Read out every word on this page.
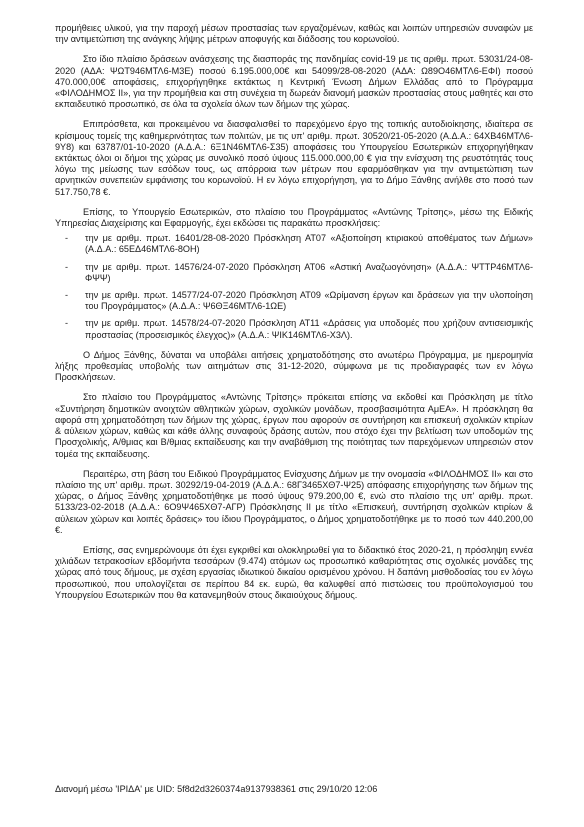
προμήθειες υλικού, για την παροχή μέσων προστασίας των εργαζομένων, καθώς και λοιπών υπηρεσιών συναφών με την αντιμετώπιση της ανάγκης λήψης μέτρων αποφυγής και διάδοσης του κορωνοϊού.

Στο ίδιο πλαίσιο δράσεων ανάσχεσης της διασποράς της πανδημίας covid-19 με τις αριθμ. πρωτ. 53031/24-08-2020 (ΑΔΑ: ΨΩΤ946ΜΤΛ6-Μ3Ε) ποσού 6.195.000,00€ και 54099/28-08-2020 (ΑΔΑ: Ω89Ο46ΜΤΛ6-ΕΦΙ) ποσού 470.000,00€ αποφάσεις, επιχορήγηθηκε εκτάκτως η Κεντρική Ένωση Δήμων Ελλάδας από το Πρόγραμμα «ΦΙΛΟΔΗΜΟΣ ΙΙ», για την προμήθεια και στη συνέχεια τη δωρεάν διανομή μασκών προστασίας στους μαθητές και στο εκπαιδευτικό προσωπικό, σε όλα τα σχολεία όλων των δήμων της χώρας.

Επιπρόσθετα, και προκειμένου να διασφαλισθεί το παρεχόμενο έργο της τοπικής αυτοδιοίκησης, ιδιαίτερα σε κρίσιμους τομείς της καθημερινότητας των πολιτών, με τις υπ' αριθμ. πρωτ. 30520/21-05-2020 (Α.Δ.Α.: 64ΧΒ46ΜΤΛ6-9Υ8) και 63787/01-10-2020 (Α.Δ.Α.: 6Ξ1Ν46ΜΤΛ6-Σ35) αποφάσεις του Υπουργείου Εσωτερικών επιχορηγήθηκαν εκτάκτως όλοι οι δήμοι της χώρας με συνολικό ποσό ύψους 115.000.000,00 € για την ενίσχυση της ρευστότητάς τους λόγω της μείωσης των εσόδων τους, ως απόρροια των μέτρων που εφαρμόσθηκαν για την αντιμετώπιση των αρνητικών συνεπειών εμφάνισης του κορωνοϊού. Η εν λόγω επιχορήγηση, για το Δήμο Ξάνθης ανήλθε στο ποσό των 517.750,78 €.

Επίσης, το Υπουργείο Εσωτερικών, στο πλαίσιο του Προγράμματος «Αντώνης Τρίτσης», μέσω της Ειδικής Υπηρεσίας Διαχείρισης και Εφαρμογής, έχει εκδώσει τις παρακάτω προσκλήσεις:

- την με αριθμ. πρωτ. 16401/28-08-2020 Πρόσκληση ΑΤ07 «Αξιοποίηση κτιριακού αποθέματος των Δήμων» (Α.Δ.Α.: 65ΕΔ46ΜΤΛ6-8ΟΗ)
- την με αριθμ. πρωτ. 14576/24-07-2020 Πρόσκληση ΑΤ06 «Αστική Αναζωογόνηση» (Α.Δ.Α.: ΨΤΤΡ46ΜΤΛ6-ΦΨΨ)
- την με αριθμ. πρωτ. 14577/24-07-2020 Πρόσκληση ΑΤ09 «Ωρίμανση έργων και δράσεων για την υλοποίηση του Προγράμματος» (Α.Δ.Α.: Ψ6ΘΞ46ΜΤΛ6-1ΩΕ)
- την με αριθμ. πρωτ. 14578/24-07-2020 Πρόσκληση ΑΤ11 «Δράσεις για υποδομές που χρήζουν αντισεισμικής προστασίας (προσεισμικός έλεγχος)» (Α.Δ.Α.: ΨΙΚ146ΜΤΛ6-Χ3Λ).

Ο Δήμος Ξάνθης, δύναται να υποβάλει αιτήσεις χρηματοδότησης στο ανωτέρω Πρόγραμμα, με ημερομηνία λήξης προθεσμίας υποβολής των αιτημάτων στις 31-12-2020, σύμφωνα με τις προδιαγραφές των εν λόγω Προσκλήσεων.

Στο πλαίσιο του Προγράμματος «Αντώνης Τρίτσης» πρόκειται επίσης να εκδοθεί και Πρόσκληση με τίτλο «Συντήρηση δημοτικών ανοιχτών αθλητικών χώρων, σχολικών μονάδων, προσβασιμότητα ΑμΕΑ». Η πρόσκληση θα αφορά στη χρηματοδότηση των δήμων της χώρας, έργων που αφορούν σε συντήρηση και επισκευή σχολικών κτιρίων & αύλειων χώρων, καθώς και κάθε άλλης συναφούς δράσης αυτών, που στόχο έχει την βελτίωση των υποδομών της Προσχολικής, Α/θμιας και Β/θμιας εκπαίδευσης και την αναβάθμιση της ποιότητας των παρεχόμενων υπηρεσιών στον τομέα της εκπαίδευσης.

Περαιτέρω, στη βάση του Ειδικού Προγράμματος Ενίσχυσης Δήμων με την ονομασία «ΦΙΛΟΔΗΜΟΣ ΙΙ» και στο πλαίσιο της υπ' αριθμ. πρωτ. 30292/19-04-2019 (Α.Δ.Α.: 68Γ3465ΧΘ7-Ψ25) απόφασης επιχορήγησης των δήμων της χώρας, ο Δήμος Ξάνθης χρηματοδοτήθηκε με ποσό ύψους 979.200,00 €, ενώ στο πλαίσιο της υπ' αριθμ. πρωτ. 5133/23-02-2018 (Α.Δ.Α.: 6Ο9Ψ465ΧΘ7-ΑΓΡ) Πρόσκλησης ΙΙ με τίτλο «Επισκευή, συντήρηση σχολικών κτιρίων & αύλειων χώρων και λοιπές δράσεις» του ίδιου Προγράμματος, ο Δήμος χρηματοδοτήθηκε με το ποσό των 440.200,00 €.

Επίσης, σας ενημερώνουμε ότι έχει εγκριθεί και ολοκληρωθεί για το διδακτικό έτος 2020-21, η πρόσληψη εννέα χιλιάδων τετρακοσίων εβδομήντα τεσσάρων (9.474) ατόμων ως προσωπικό καθαριότητας στις σχολικές μονάδες της χώρας από τους δήμους, με σχέση εργασίας ιδιωτικού δικαίου ορισμένου χρόνου. Η δαπάνη μισθοδοσίας του εν λόγω προσωπικού, που υπολογίζεται σε περίπου 84 εκ. ευρώ, θα καλυφθεί από πιστώσεις του προϋπολογισμού του Υπουργείου Εσωτερικών που θα κατανεμηθούν στους δικαιούχους δήμους.

Διανομή μέσω 'ΙΡΙΔΑ' με UID: 5f8d2d3260374a9137938361 στις 29/10/20 12:06
